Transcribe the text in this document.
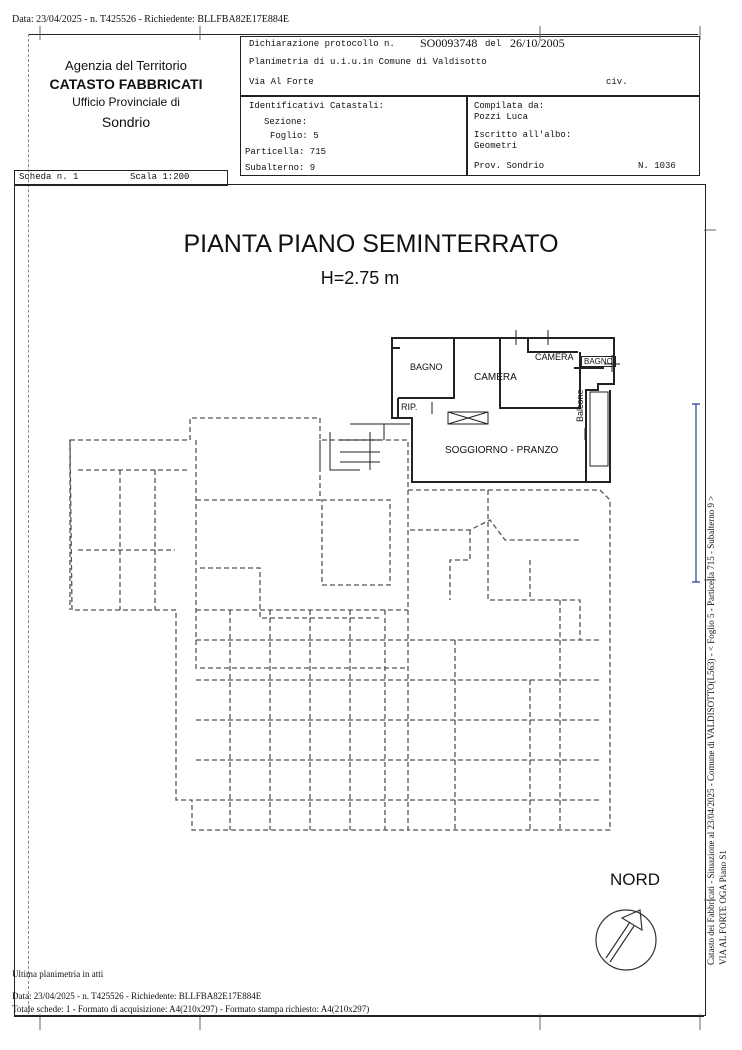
Data: 23/04/2025 - n. T425526 - Richiedente: BLLFBA82E17E884E
Agenzia del Territorio
CATASTO FABBRICATI
Ufficio Provinciale di
Sondrio
Dichiarazione protocollo n. SO0093748 del 26/10/2005
Planimetria di u.i.u.in Comune di Valdisotto
Via Al Forte	civ.
Identificativi Catastali:
Sezione:
Foglio: 5
Particella: 715
Subalterno: 9
Compilata da:
Pozzi Luca
Iscritto all'albo:
Geometri
Prov. Sondrio	N. 1036
Scheda n. 1	Scala 1:200
PIANTA PIANO SEMINTERRATO
H=2.75 m
BAGNO
CAMERA
CAMERA	BAGNO
RIP.
SOGGIORNO - PRANZO
Balcone
NORD	Catasto dei Fabbricati - Situazione al 23/04/2025 - Comune di VALDISOTTO(L563) - < Foglio 5 - Particella 715 - Subalterno 9 > VIA AL FORTE OGA Piano S1
Ultima planimetria in atti
Data: 23/04/2025 - n. T425526 - Richiedente: BLLFBA82E17E884E
Totale schede: 1 - Formato di acquisizione: A4(210x297) - Formato stampa richiesto: A4(210x297)
